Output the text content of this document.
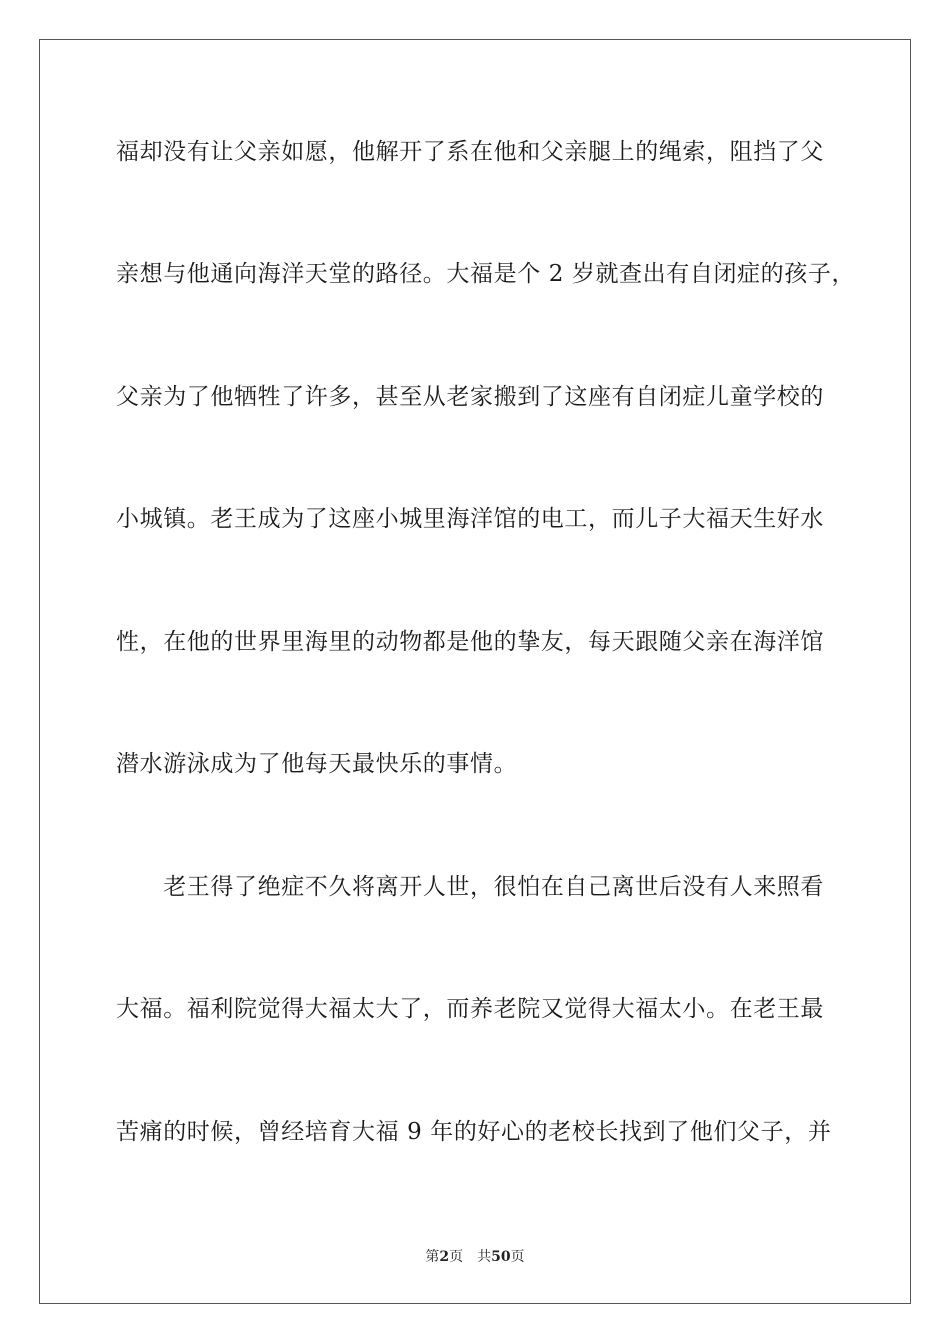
福却没有让父亲如愿，他解开了系在他和父亲腿上的绳索，阻挡了父
亲想与他通向海洋天堂的路径。大福是个 2 岁就查出有自闭症的孩子，
父亲为了他牺牲了许多，甚至从老家搬到了这座有自闭症儿童学校的
小城镇。老王成为了这座小城里海洋馆的电工，而儿子大福天生好水
性，在他的世界里海里的动物都是他的挚友，每天跟随父亲在海洋馆
潜水游泳成为了他每天最快乐的事情。
　　老王得了绝症不久将离开人世，很怕在自己离世后没有人来照看
大福。福利院觉得大福太大了，而养老院又觉得大福太小。在老王最
苦痛的时候，曾经培育大福 9 年的好心的老校长找到了他们父子，并
第2页 共50页
